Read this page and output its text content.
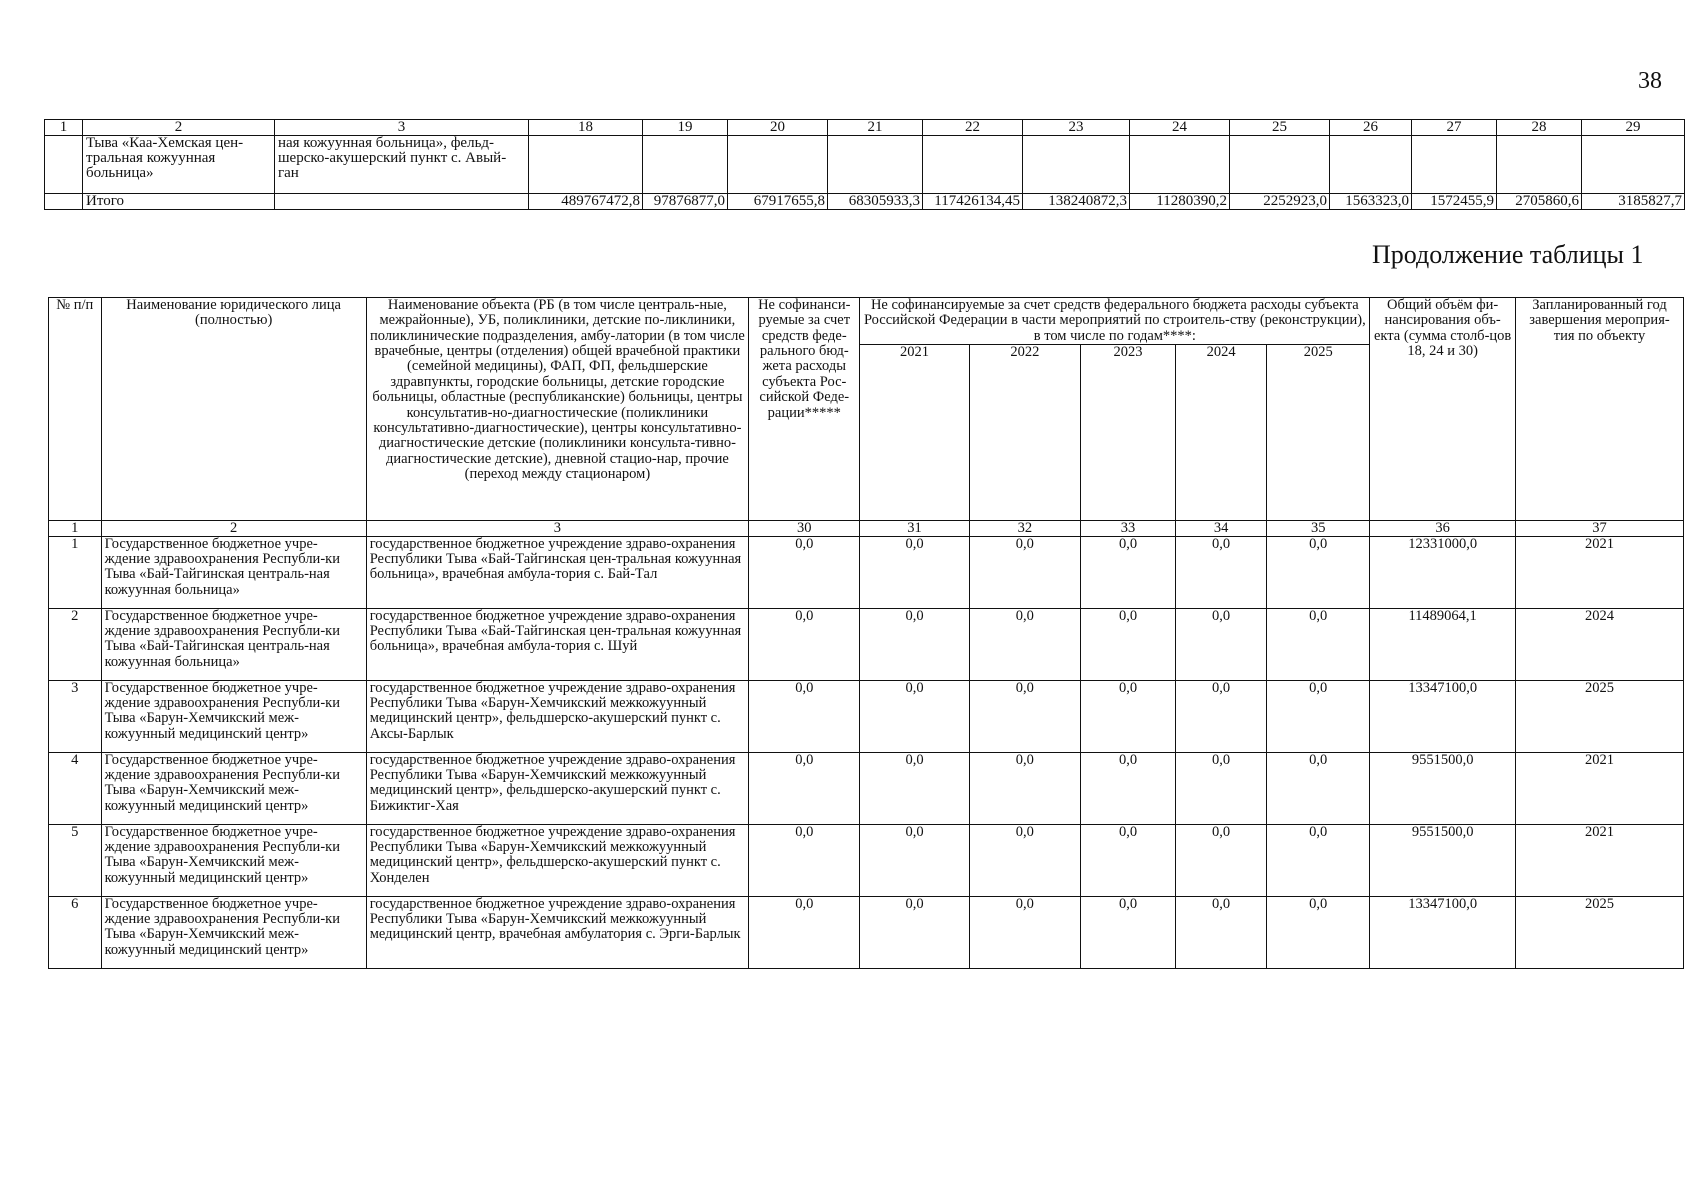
38
1	2	3	18	19	20	21	22	23	24	25	26	27	28	29
	Тыва «Каа-Хемская цен-тральная кожуунная больница»	ная кожуунная больница», фельд-шерско-акушерский пункт с. Авый-ган												
	Итого		489767472,8	97876877,0	67917655,8	68305933,3	117426134,45	138240872,3	11280390,2	2252923,0	1563323,0	1572455,9	2705860,6	3185827,7
Продолжение таблицы 1
№ п/п	Наименование юридического лица (полностью)	Наименование объекта (РБ (в том числе централь-ные, межрайонные), УБ, поликлиники, детские по-ликлиники, поликлинические подразделения, амбу-латории (в том числе врачебные, центры (отделения) общей врачебной практики (семейной медицины), ФАП, ФП, фельдшерские здравпункты, городские больницы, детские городские больницы, областные (республиканские) больницы, центры консультатив-но-диагностические (поликлиники консультативно-диагностические), центры консультативно-диагностические детские (поликлиники консульта-тивно-диагностические детские), дневной стацио-нар, прочие (переход между стационаром)	Не софинанси-руемые за счет средств феде-рального бюд-жета расходы субъекта Рос-сийской Феде-рации*****	Не софинансируемые за счет средств федерального бюджета расходы субъекта Российской Федерации в части мероприятий по строитель-ству (реконструкции), в том числе по годам****:					Общий объём фи-нансирования объ-екта (сумма столб-цов 18, 24 и 30)	Запланированный год завершения мероприя-тия по объекту
				2021	2022	2023	2024	2025		
1	2	3	30	31	32	33	34	35	36	37
1	Государственное бюджетное учре-ждение здравоохранения Республи-ки Тыва «Бай-Тайгинская централь-ная кожуунная больница»	государственное бюджетное учреждение здраво-охранения Республики Тыва «Бай-Тайгинская цен-тральная кожуунная больница», врачебная амбула-тория с. Бай-Тал	0,0	0,0	0,0	0,0	0,0	0,0	12331000,0	2021
2	Государственное бюджетное учре-ждение здравоохранения Республи-ки Тыва «Бай-Тайгинская централь-ная кожуунная больница»	государственное бюджетное учреждение здраво-охранения Республики Тыва «Бай-Тайгинская цен-тральная кожуунная больница», врачебная амбула-тория с. Шуй	0,0	0,0	0,0	0,0	0,0	0,0	11489064,1	2024
3	Государственное бюджетное учре-ждение здравоохранения Республи-ки Тыва «Барун-Хемчикский меж-кожуунный медицинский центр»	государственное бюджетное учреждение здраво-охранения Республики Тыва «Барун-Хемчикский межкожуунный медицинский центр», фельдшерско-акушерский пункт с. Аксы-Барлык	0,0	0,0	0,0	0,0	0,0	0,0	13347100,0	2025
4	Государственное бюджетное учре-ждение здравоохранения Республи-ки Тыва «Барун-Хемчикский меж-кожуунный медицинский центр»	государственное бюджетное учреждение здраво-охранения Республики Тыва «Барун-Хемчикский межкожуунный медицинский центр», фельдшерско-акушерский пункт с. Бижиктиг-Хая	0,0	0,0	0,0	0,0	0,0	0,0	9551500,0	2021
5	Государственное бюджетное учре-ждение здравоохранения Республи-ки Тыва «Барун-Хемчикский меж-кожуунный медицинский центр»	государственное бюджетное учреждение здраво-охранения Республики Тыва «Барун-Хемчикский межкожуунный медицинский центр», фельдшерско-акушерский пункт с. Хонделен	0,0	0,0	0,0	0,0	0,0	0,0	9551500,0	2021
6	Государственное бюджетное учре-ждение здравоохранения Республи-ки Тыва «Барун-Хемчикский меж-кожуунный медицинский центр»	государственное бюджетное учреждение здраво-охранения Республики Тыва «Барун-Хемчикский межкожуунный медицинский центр, врачебная амбулатория с. Эрги-Барлык	0,0	0,0	0,0	0,0	0,0	0,0	13347100,0	2025
